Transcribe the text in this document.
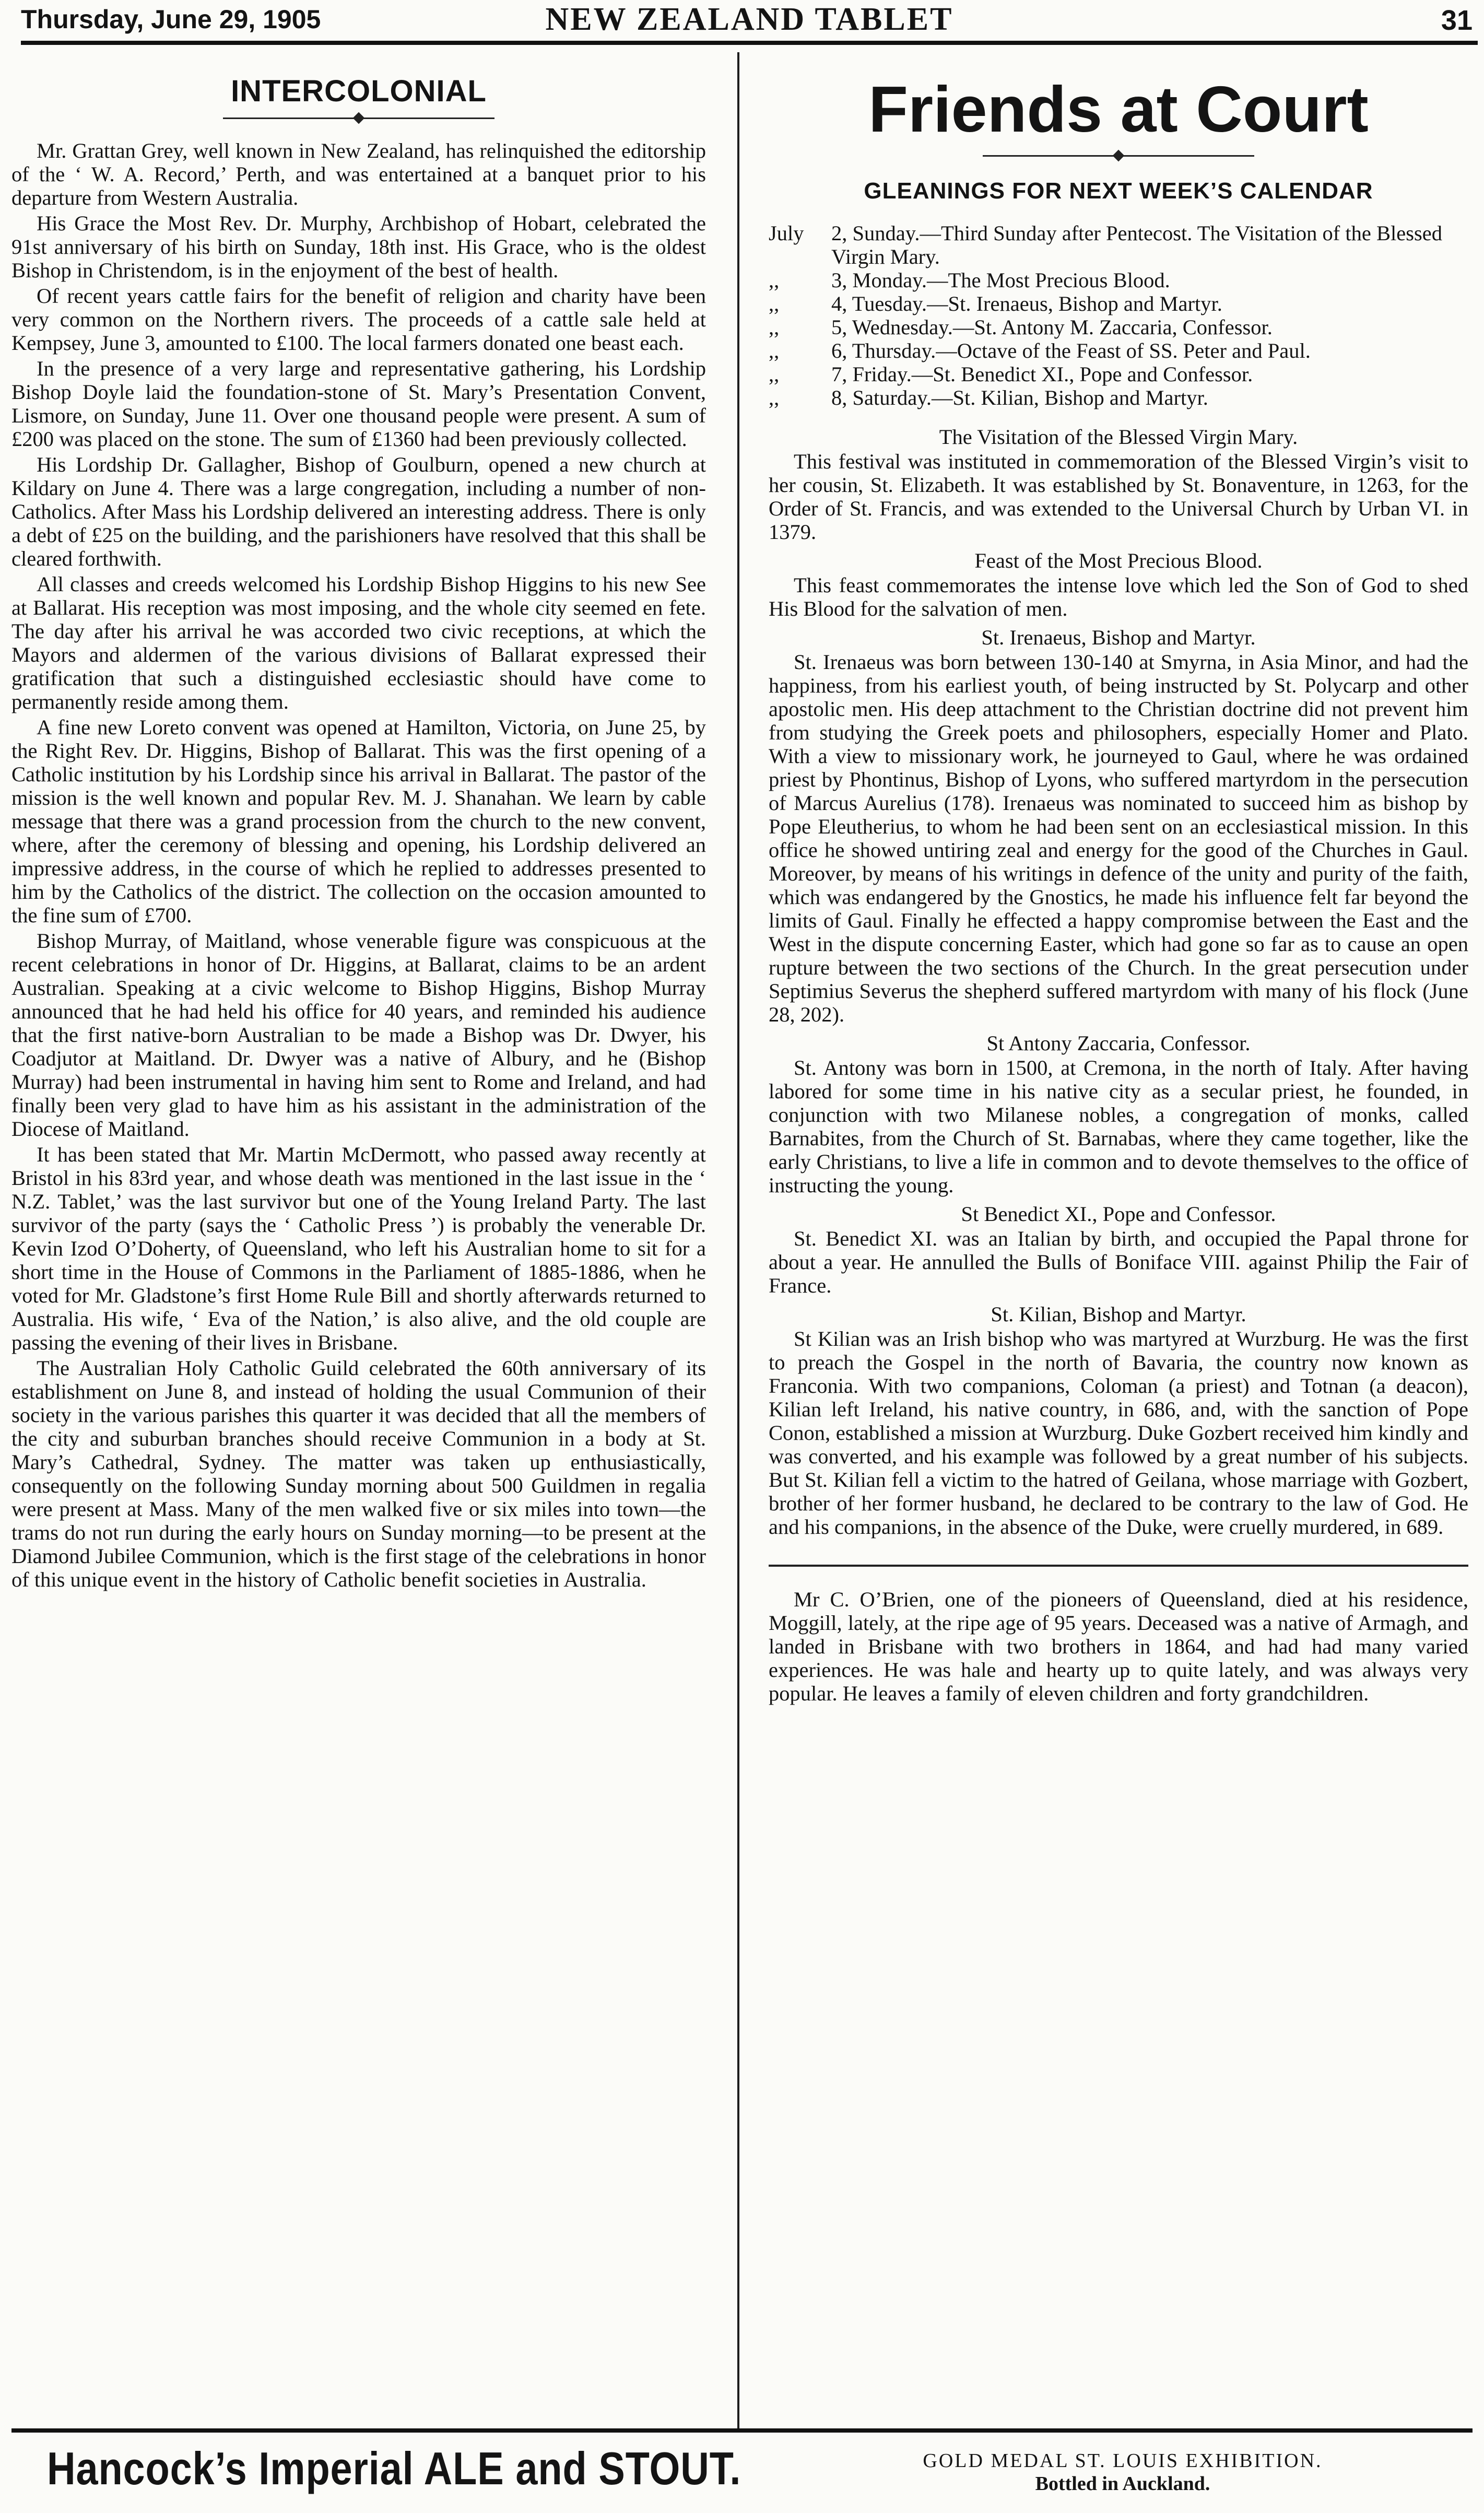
Thursday, June 29, 1905	NEW ZEALAND TABLET	31
INTERCOLONIAL

Mr. Grattan Grey, well known in New Zealand, has relinquished the editorship of the ‘ W. A. Record,’ Perth, and was entertained at a banquet prior to his departure from Western Australia.

His Grace the Most Rev. Dr. Murphy, Archbishop of Hobart, celebrated the 91st anniversary of his birth on Sunday, 18th inst. His Grace, who is the oldest Bishop in Christendom, is in the enjoyment of the best of health.

Of recent years cattle fairs for the benefit of religion and charity have been very common on the Northern rivers. The proceeds of a cattle sale held at Kempsey, June 3, amounted to £100. The local farmers donated one beast each.

In the presence of a very large and representative gathering, his Lordship Bishop Doyle laid the foundation-stone of St. Mary’s Presentation Convent, Lismore, on Sunday, June 11. Over one thousand people were present. A sum of £200 was placed on the stone. The sum of £1360 had been previously collected.

His Lordship Dr. Gallagher, Bishop of Goulburn, opened a new church at Kildary on June 4. There was a large congregation, including a number of non-Catholics. After Mass his Lordship delivered an interesting address. There is only a debt of £25 on the building, and the parishioners have resolved that this shall be cleared forthwith.

All classes and creeds welcomed his Lordship Bishop Higgins to his new See at Ballarat. His reception was most imposing, and the whole city seemed en fete. The day after his arrival he was accorded two civic receptions, at which the Mayors and aldermen of the various divisions of Ballarat expressed their gratification that such a distinguished ecclesiastic should have come to permanently reside among them.

A fine new Loreto convent was opened at Hamilton, Victoria, on June 25, by the Right Rev. Dr. Higgins, Bishop of Ballarat. This was the first opening of a Catholic institution by his Lordship since his arrival in Ballarat. The pastor of the mission is the well known and popular Rev. M. J. Shanahan. We learn by cable message that there was a grand procession from the church to the new convent, where, after the ceremony of blessing and opening, his Lordship delivered an impressive address, in the course of which he replied to addresses presented to him by the Catholics of the district. The collection on the occasion amounted to the fine sum of £700.

Bishop Murray, of Maitland, whose venerable figure was conspicuous at the recent celebrations in honor of Dr. Higgins, at Ballarat, claims to be an ardent Australian. Speaking at a civic welcome to Bishop Higgins, Bishop Murray announced that he had held his office for 40 years, and reminded his audience that the first native-born Australian to be made a Bishop was Dr. Dwyer, his Coadjutor at Maitland. Dr. Dwyer was a native of Albury, and he (Bishop Murray) had been instrumental in having him sent to Rome and Ireland, and had finally been very glad to have him as his assistant in the administration of the Diocese of Maitland.

It has been stated that Mr. Martin McDermott, who passed away recently at Bristol in his 83rd year, and whose death was mentioned in the last issue in the ‘ N.Z. Tablet,’ was the last survivor but one of the Young Ireland Party. The last survivor of the party (says the ‘ Catholic Press ’) is probably the venerable Dr. Kevin Izod O’Doherty, of Queensland, who left his Australian home to sit for a short time in the House of Commons in the Parliament of 1885-1886, when he voted for Mr. Gladstone’s first Home Rule Bill and shortly afterwards returned to Australia. His wife, ‘ Eva of the Nation,’ is also alive, and the old couple are passing the evening of their lives in Brisbane.

The Australian Holy Catholic Guild celebrated the 60th anniversary of its establishment on June 8, and instead of holding the usual Communion of their society in the various parishes this quarter it was decided that all the members of the city and suburban branches should receive Communion in a body at St. Mary’s Cathedral, Sydney. The matter was taken up enthusiastically, consequently on the following Sunday morning about 500 Guildmen in regalia were present at Mass. Many of the men walked five or six miles into town—the trams do not run during the early hours on Sunday morning—to be present at the Diamond Jubilee Communion, which is the first stage of the celebrations in honor of this unique event in the history of Catholic benefit societies in Australia.

Friends at Court
GLEANINGS FOR NEXT WEEK’S CALENDAR
July	2, Sunday.—Third Sunday after Pentecost. The Visitation of the Blessed Virgin Mary.
,,	3, Monday.—The Most Precious Blood.
,,	4, Tuesday.—St. Irenaeus, Bishop and Martyr.
,,	5, Wednesday.—St. Antony M. Zaccaria, Confessor.
,,	6, Thursday.—Octave of the Feast of SS. Peter and Paul.
,,	7, Friday.—St. Benedict XI., Pope and Confessor.
,,	8, Saturday.—St. Kilian, Bishop and Martyr.
The Visitation of the Blessed Virgin Mary.

This festival was instituted in commemoration of the Blessed Virgin’s visit to her cousin, St. Elizabeth. It was established by St. Bonaventure, in 1263, for the Order of St. Francis, and was extended to the Universal Church by Urban VI. in 1379.

Feast of the Most Precious Blood.

This feast commemorates the intense love which led the Son of God to shed His Blood for the salvation of men.

St. Irenaeus, Bishop and Martyr.

St. Irenaeus was born between 130-140 at Smyrna, in Asia Minor, and had the happiness, from his earliest youth, of being instructed by St. Polycarp and other apostolic men. His deep attachment to the Christian doctrine did not prevent him from studying the Greek poets and philosophers, especially Homer and Plato. With a view to missionary work, he journeyed to Gaul, where he was ordained priest by Phontinus, Bishop of Lyons, who suffered martyrdom in the persecution of Marcus Aurelius (178). Irenaeus was nominated to succeed him as bishop by Pope Eleutherius, to whom he had been sent on an ecclesiastical mission. In this office he showed untiring zeal and energy for the good of the Churches in Gaul. Moreover, by means of his writings in defence of the unity and purity of the faith, which was endangered by the Gnostics, he made his influence felt far beyond the limits of Gaul. Finally he effected a happy compromise between the East and the West in the dispute concerning Easter, which had gone so far as to cause an open rupture between the two sections of the Church. In the great persecution under Septimius Severus the shepherd suffered martyrdom with many of his flock (June 28, 202).

St Antony Zaccaria, Confessor.

St. Antony was born in 1500, at Cremona, in the north of Italy. After having labored for some time in his native city as a secular priest, he founded, in conjunction with two Milanese nobles, a congregation of monks, called Barnabites, from the Church of St. Barnabas, where they came together, like the early Christians, to live a life in common and to devote themselves to the office of instructing the young.

St Benedict XI., Pope and Confessor.

St. Benedict XI. was an Italian by birth, and occupied the Papal throne for about a year. He annulled the Bulls of Boniface VIII. against Philip the Fair of France.

St. Kilian, Bishop and Martyr.

St Kilian was an Irish bishop who was martyred at Wurzburg. He was the first to preach the Gospel in the north of Bavaria, the country now known as Franconia. With two companions, Coloman (a priest) and Totnan (a deacon), Kilian left Ireland, his native country, in 686, and, with the sanction of Pope Conon, established a mission at Wurzburg. Duke Gozbert received him kindly and was converted, and his example was followed by a great number of his subjects. But St. Kilian fell a victim to the hatred of Geilana, whose marriage with Gozbert, brother of her former husband, he declared to be contrary to the law of God. He and his companions, in the absence of the Duke, were cruelly murdered, in 689.

Mr C. O’Brien, one of the pioneers of Queensland, died at his residence, Moggill, lately, at the ripe age of 95 years. Deceased was a native of Armagh, and landed in Brisbane with two brothers in 1864, and had had many varied experiences. He was hale and hearty up to quite lately, and was always very popular. He leaves a family of eleven children and forty grandchildren.

Hancock’s Imperial ALE and STOUT.	GOLD MEDAL ST. LOUIS EXHIBITION.
Bottled in Auckland.
